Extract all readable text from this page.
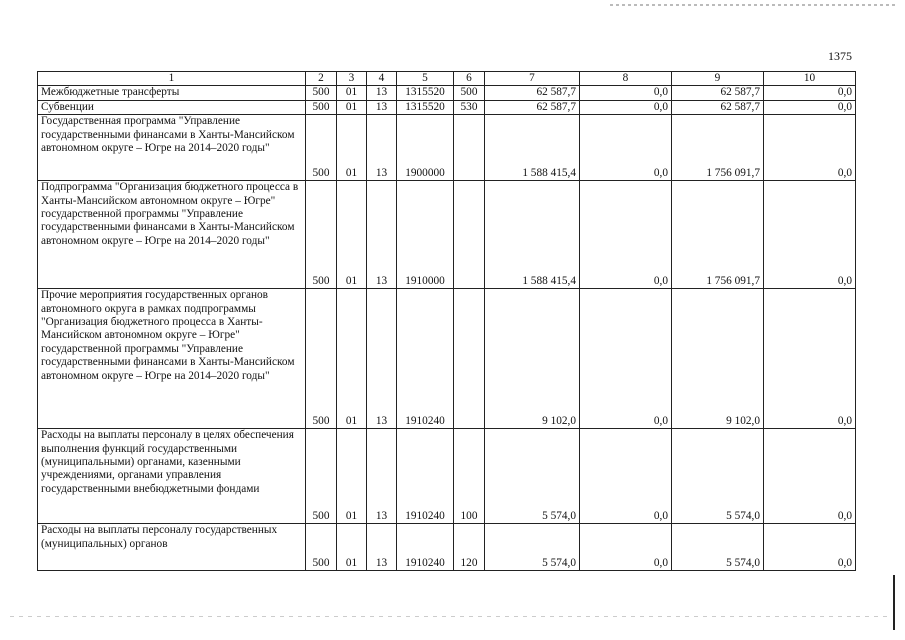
1375
1	2	3	4	5	6	7	8	9	10
Межбюджетные трансферты	500	01	13	1315520	500	62 587,7	0,0	62 587,7	0,0
Субвенции	500	01	13	1315520	530	62 587,7	0,0	62 587,7	0,0
Государственная программа "Управление государственными финансами в Ханты-Мансийском автономном округе – Югре на 2014–2020 годы"	500	01	13	1900000		1 588 415,4	0,0	1 756 091,7	0,0
Подпрограмма "Организация бюджетного процесса в Ханты-Мансийском автономном округе – Югре" государственной программы "Управление государственными финансами в Ханты-Мансийском автономном округе – Югре на 2014–2020 годы"	500	01	13	1910000		1 588 415,4	0,0	1 756 091,7	0,0
Прочие мероприятия государственных органов автономного округа в рамках подпрограммы "Организация бюджетного процесса в Ханты-Мансийском автономном округе – Югре" государственной программы "Управление государственными финансами в Ханты-Мансийском автономном округе – Югре на 2014–2020 годы"	500	01	13	1910240		9 102,0	0,0	9 102,0	0,0
Расходы на выплаты персоналу в целях обеспечения выполнения функций государственными (муниципальными) органами, казенными учреждениями, органами управления государственными внебюджетными фондами	500	01	13	1910240	100	5 574,0	0,0	5 574,0	0,0
Расходы на выплаты персоналу государственных (муниципальных) органов	500	01	13	1910240	120	5 574,0	0,0	5 574,0	0,0
